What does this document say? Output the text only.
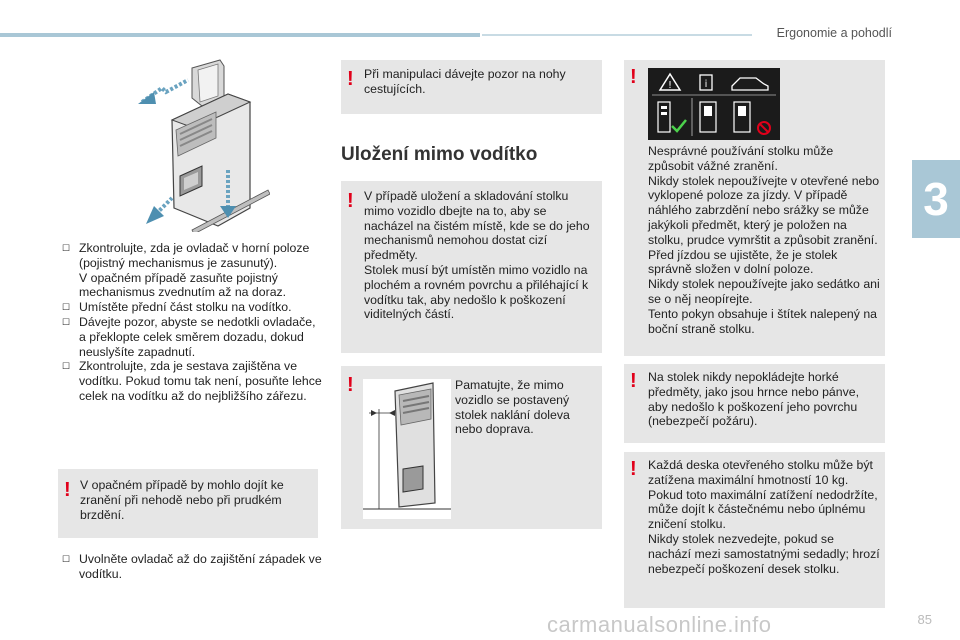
Ergonomie a pohodlí
3
☐ Zkontrolujte, zda je ovladač v horní poloze (pojistný mechanismus je zasunutý).
V opačném případě zasuňte pojistný mechanismus zvednutím až na doraz.
☐ Umístěte přední část stolku na vodítko.
☐ Dávejte pozor, abyste se nedotkli ovladače, a překlopte celek směrem dozadu, dokud neuslyšíte zapadnutí.
☐ Zkontrolujte, zda je sestava zajištěna ve vodítku. Pokud tomu tak není, posuňte lehce celek na vodítku až do nejbližšího zářezu.
! V opačném případě by mohlo dojít ke zranění při nehodě nebo při prudkém brzdění.
☐ Uvolněte ovladač až do zajištění západek ve vodítku.
! Při manipulaci dávejte pozor na nohy cestujících.
Uložení mimo vodítko
! V případě uložení a skladování stolku mimo vozidlo dbejte na to, aby se nacházel na čistém místě, kde se do jeho mechanismů nemohou dostat cizí předměty.
Stolek musí být umístěn mimo vozidlo na plochém a rovném povrchu a přiléhající k vodítku tak, aby nedošlo k poškození viditelných částí.
!	Pamatujte, že mimo vozidlo se postavený stolek naklání doleva nebo doprava.
!	!	i
Nesprávné používání stolku může způsobit vážné zranění.
Nikdy stolek nepoužívejte v otevřené nebo vyklopené poloze za jízdy. V případě náhlého zabrzdění nebo srážky se může jakýkoli předmět, který je položen na stolku, prudce vymrštit a způsobit zranění.
Před jízdou se ujistěte, že je stolek správně složen v dolní poloze.
Nikdy stolek nepoužívejte jako sedátko ani se o něj neopírejte.
Tento pokyn obsahuje i štítek nalepený na boční straně stolku.
! Na stolek nikdy nepokládejte horké předměty, jako jsou hrnce nebo pánve, aby nedošlo k poškození jeho povrchu (nebezpečí požáru).
! Každá deska otevřeného stolku může být zatížena maximální hmotností 10 kg. Pokud toto maximální zatížení nedodržíte, může dojít k částečnému nebo úplnému zničení stolku.
Nikdy stolek nezvedejte, pokud se nachází mezi samostatnými sedadly; hrozí nebezpečí poškození desek stolku.
carmanualsonline.info	85
